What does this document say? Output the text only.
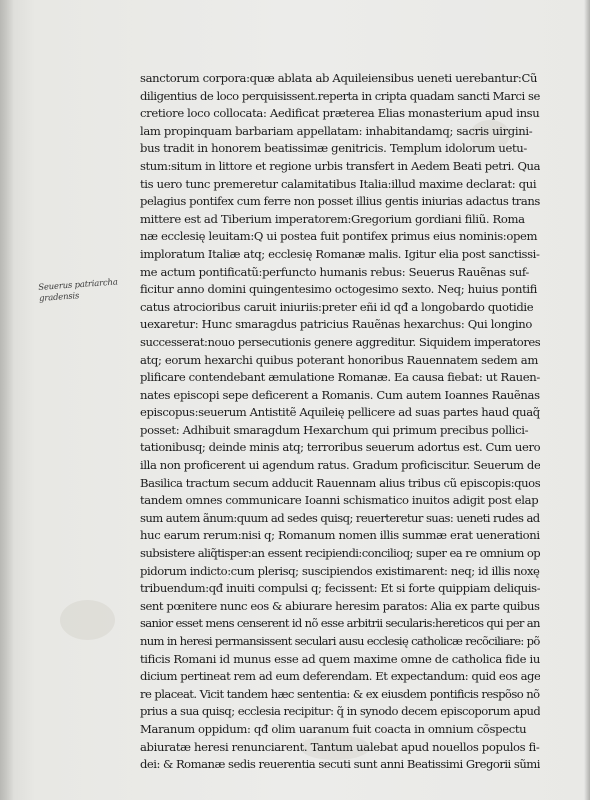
Seuerus patriarcha gradensis
sanctorum corpora:quæ ablata ab Aquileiensibus ueneti uerebantur:Cũ
diligentius de loco perquisissent.reperta in cripta quadam sancti Marci se
cretiore loco collocata: Aedificat præterea Elias monasterium apud insu
lam propinquam barbariam appellatam: inhabitandamq; sacris uirgini-
bus tradit in honorem beatissimæ genitricis. Templum idolorum uetu-
stum:situm in littore et regione urbis transfert in Aedem Beati petri. Qua
tis uero tunc premeretur calamitatibus Italia:illud maxime declarat: qui
pelagius pontifex cum ferre non posset illius gentis iniurias adactus trans
mittere est ad Tiberium imperatorem:Gregorium gordiani filiũ. Roma
næ ecclesię leuitam:Q ui postea fuit pontifex primus eius nominis:opem
imploratum Italiæ atq; ecclesię Romanæ malis. Igitur elia post sanctissi-
me actum pontificatũ:perfuncto humanis rebus: Seuerus Rauẽnas suf-
ficitur anno domini quingentesimo octogesimo sexto. Neq; huius pontifi
catus atrocioribus caruit iniuriis:preter eñi id qđ a longobardo quotidie
uexaretur: Hunc smaragdus patricius Rauẽnas hexarchus: Qui longino
successerat:nouo persecutionis genere aggreditur. Siquidem imperatores
atq; eorum hexarchi quibus poterant honoribus Rauennatem sedem am
plificare contendebant æmulatione Romanæ. Ea causa fiebat: ut Rauen-
nates episcopi sepe deficerent a Romanis. Cum autem Ioannes Rauẽnas
episcopus:seuerum Antistitẽ Aquileię pellicere ad suas partes haud quaq̃
posset: Adhibuit smaragdum Hexarchum qui primum precibus pollici-
tationibusq; deinde minis atq; terroribus seuerum adortus est. Cum uero
illa non proficerent ui agendum ratus. Gradum proficiscitur. Seuerum de
Basilica tractum secum adducit Rauennam alius tribus cũ episcopis:quos
tandem omnes communicare Ioanni schismatico inuitos adigit post elap
sum autem ãnum:quum ad sedes quisq; reuerteretur suas: ueneti rudes ad
huc earum rerum:nisi q; Romanum nomen illis summæ erat uenerationi
subsistere aliq̃tisper:an essent recipiendi:concilioq; super ea re omnium op
pidorum indicto:cum plerisq; suscipiendos existimarent: neq; id illis noxę
tribuendum:qđ inuiti compulsi q; fecissent: Et si forte quippiam deliquis-
sent pœnitere nunc eos & abiurare heresim paratos: Alia ex parte quibus
sanior esset mens censerent id nõ esse arbitrii secularis:hereticos qui per an
num in heresi permansissent seculari ausu ecclesię catholicæ recõciliare: põ
tificis Romani id munus esse ad quem maxime omne de catholica fide iu
dicium pertineat rem ad eum deferendam. Et expectandum: quid eos age
re placeat. Vicit tandem hæc sententia: & ex eiusdem pontificis respõso nõ
prius a sua quisq; ecclesia recipitur: q̃ in synodo decem episcoporum apud
Maranum oppidum: qđ olim uaranum fuit coacta in omnium cõspectu
abiuratæ heresi renunciarent. Tantum ualebat apud nouellos populos fi-
dei: & Romanæ sedis reuerentia secuti sunt anni Beatissimi Gregorii sũmi
